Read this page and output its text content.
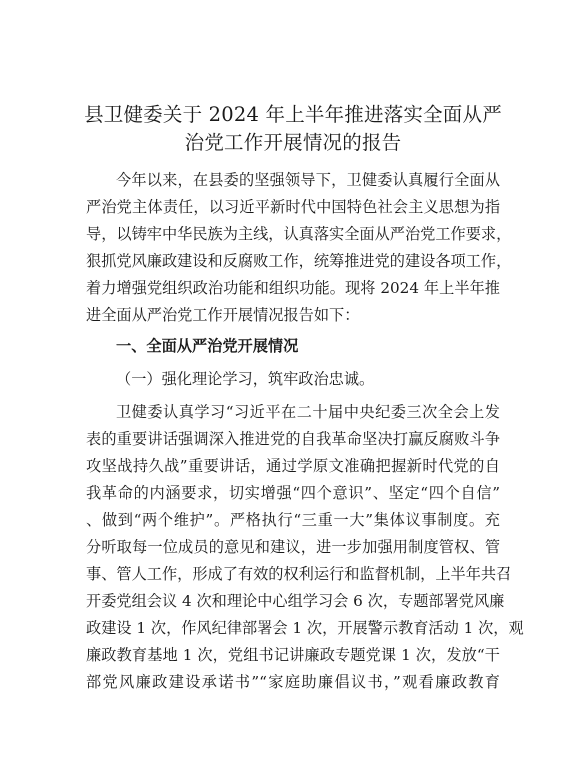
县卫健委关于 2024 年上半年推进落实全面从严
治党工作开展情况的报告
今年以来，在县委的坚强领导下，卫健委认真履行全面从
严治党主体责任，以习近平新时代中国特色社会主义思想为指
导，以铸牢中华民族为主线，认真落实全面从严治党工作要求，
狠抓党风廉政建设和反腐败工作，统筹推进党的建设各项工作，
着力增强党组织政治功能和组织功能。现将 2024 年上半年推
进全面从严治党工作开展情况报告如下：
一、全面从严治党开展情况
（一）强化理论学习，筑牢政治忠诚。
卫健委认真学习“习近平在二十届中央纪委三次全会上发
表的重要讲话强调深入推进党的自我革命坚决打赢反腐败斗争
攻坚战持久战”重要讲话，通过学原文准确把握新时代党的自
我革命的内涵要求，切实增强“四个意识”、坚定“四个自信”
、做到“两个维护”。严格执行“三重一大”集体议事制度。充
分听取每一位成员的意见和建议，进一步加强用制度管权、管
事、管人工作，形成了有效的权利运行和监督机制，上半年共召
开委党组会议 4 次和理论中心组学习会 6 次，专题部署党风廉
政建设 1 次，作风纪律部署会 1 次，开展警示教育活动 1 次，观
廉政教育基地 1 次，党组书记讲廉政专题党课 1 次，发放“干
部党风廉政建设承诺书”“家庭助廉倡议书，”观看廉政教育
